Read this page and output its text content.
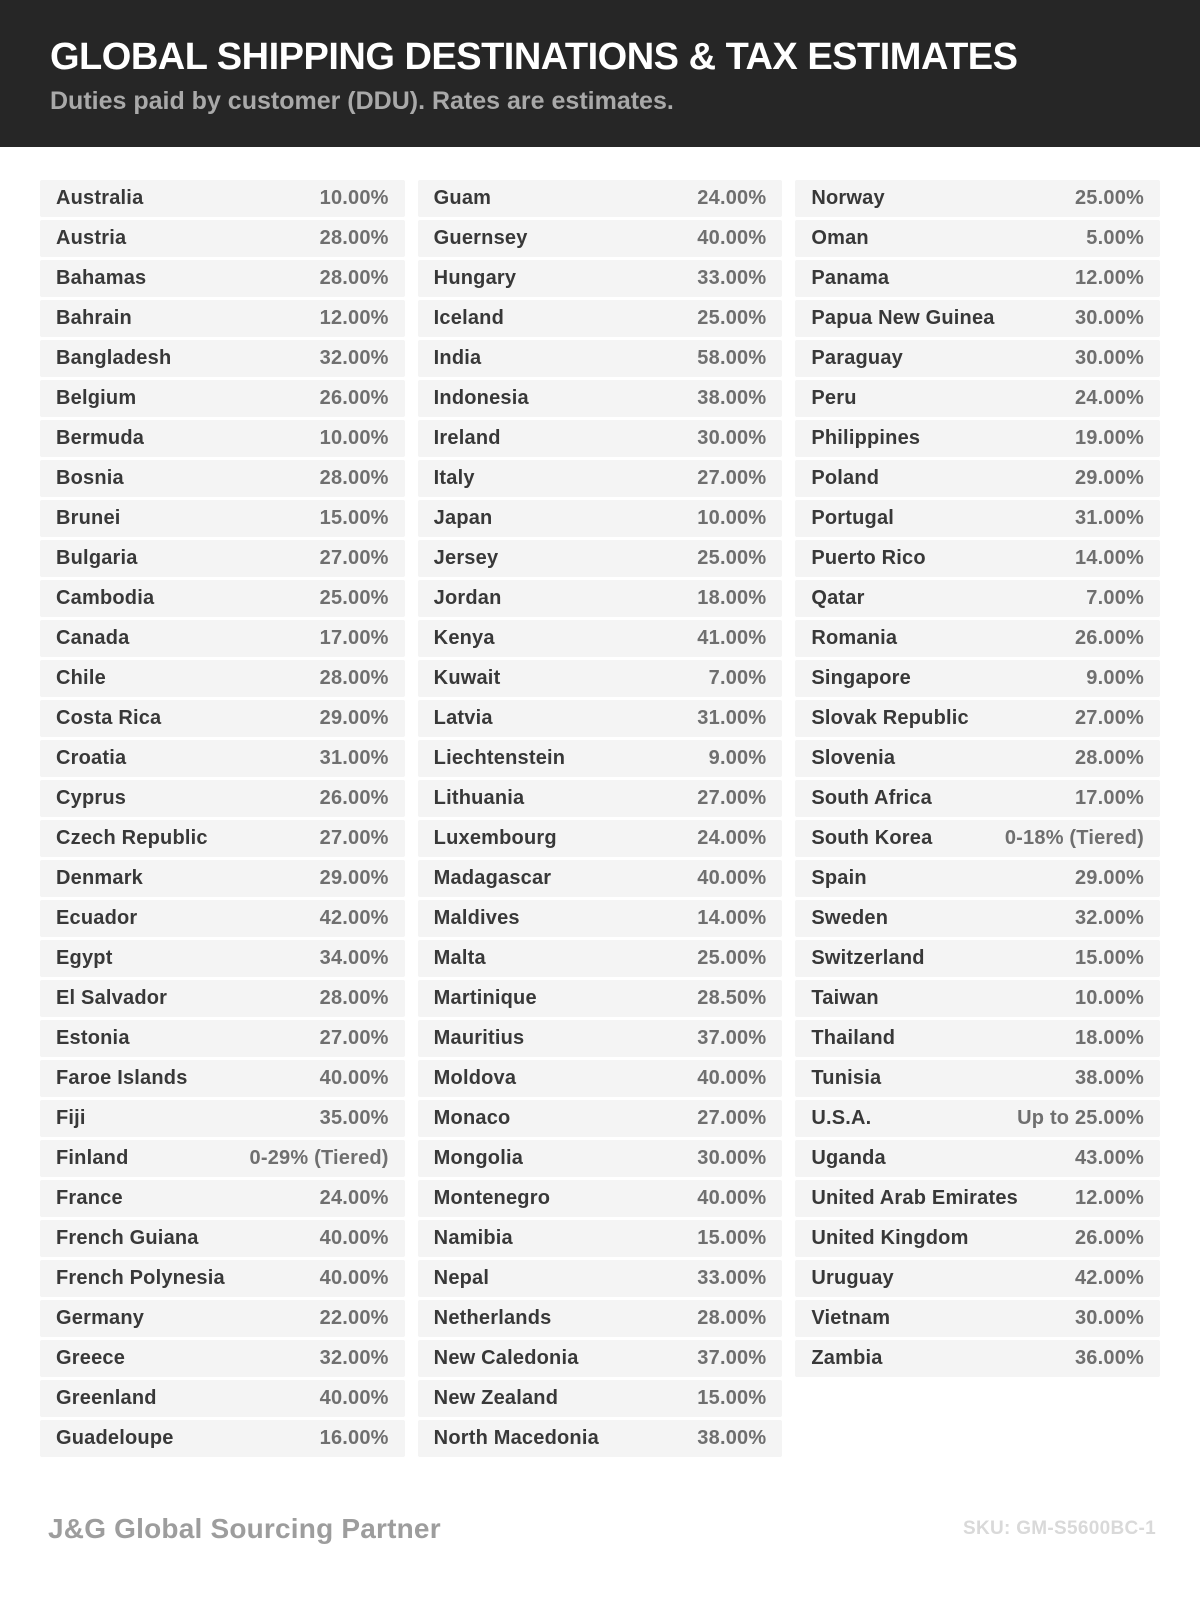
GLOBAL SHIPPING DESTINATIONS & TAX ESTIMATES
Duties paid by customer (DDU). Rates are estimates.
Australia	10.00%
Austria	28.00%
Bahamas	28.00%
Bahrain	12.00%
Bangladesh	32.00%
Belgium	26.00%
Bermuda	10.00%
Bosnia	28.00%
Brunei	15.00%
Bulgaria	27.00%
Cambodia	25.00%
Canada	17.00%
Chile	28.00%
Costa Rica	29.00%
Croatia	31.00%
Cyprus	26.00%
Czech Republic	27.00%
Denmark	29.00%
Ecuador	42.00%
Egypt	34.00%
El Salvador	28.00%
Estonia	27.00%
Faroe Islands	40.00%
Fiji	35.00%
Finland	0-29% (Tiered)
France	24.00%
French Guiana	40.00%
French Polynesia	40.00%
Germany	22.00%
Greece	32.00%
Greenland	40.00%
Guadeloupe	16.00%
Guam	24.00%
Guernsey	40.00%
Hungary	33.00%
Iceland	25.00%
India	58.00%
Indonesia	38.00%
Ireland	30.00%
Italy	27.00%
Japan	10.00%
Jersey	25.00%
Jordan	18.00%
Kenya	41.00%
Kuwait	7.00%
Latvia	31.00%
Liechtenstein	9.00%
Lithuania	27.00%
Luxembourg	24.00%
Madagascar	40.00%
Maldives	14.00%
Malta	25.00%
Martinique	28.50%
Mauritius	37.00%
Moldova	40.00%
Monaco	27.00%
Mongolia	30.00%
Montenegro	40.00%
Namibia	15.00%
Nepal	33.00%
Netherlands	28.00%
New Caledonia	37.00%
New Zealand	15.00%
North Macedonia	38.00%
Norway	25.00%
Oman	5.00%
Panama	12.00%
Papua New Guinea	30.00%
Paraguay	30.00%
Peru	24.00%
Philippines	19.00%
Poland	29.00%
Portugal	31.00%
Puerto Rico	14.00%
Qatar	7.00%
Romania	26.00%
Singapore	9.00%
Slovak Republic	27.00%
Slovenia	28.00%
South Africa	17.00%
South Korea	0-18% (Tiered)
Spain	29.00%
Sweden	32.00%
Switzerland	15.00%
Taiwan	10.00%
Thailand	18.00%
Tunisia	38.00%
U.S.A.	Up to 25.00%
Uganda	43.00%
United Arab Emirates	12.00%
United Kingdom	26.00%
Uruguay	42.00%
Vietnam	30.00%
Zambia	36.00%
J&G Global Sourcing Partner	SKU: GM-S5600BC-1
